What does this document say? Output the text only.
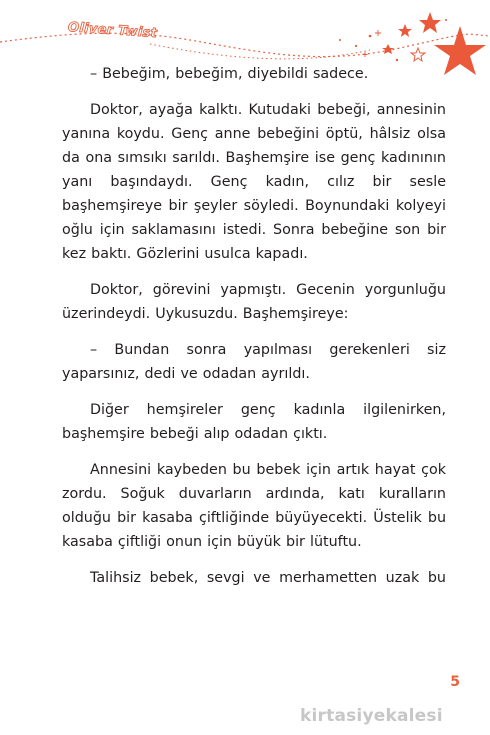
Oliver Twist

– Bebeğim, bebeğim, diyebildi sadece.

Doktor, ayağa kalktı. Kutudaki bebeği, annesinin yanına koydu. Genç anne bebeğini öptü, hâlsiz olsa da ona sımsıkı sarıldı. Başhemşire ise genç kadınının yanı başındaydı. Genç kadın, cılız bir sesle başhemşireye bir şeyler söyledi. Boynundaki kolyeyi oğlu için saklamasını istedi. Sonra bebeğine son bir kez baktı. Gözlerini usulca kapadı.

Doktor, görevini yapmıştı. Gecenin yorgunluğu üzerindeydi. Uykusuzdu. Başhemşireye:

– Bundan sonra yapılması gerekenleri siz yaparsınız, dedi ve odadan ayrıldı.

Diğer hemşireler genç kadınla ilgilenirken, başhemşire bebeği alıp odadan çıktı.

Annesini kaybeden bu bebek için artık hayat çok zordu. Soğuk duvarların ardında, katı kuralların olduğu bir kasaba çiftliğinde büyüyecekti. Üstelik bu kasaba çiftliği onun için büyük bir lütuftu.

Talihsiz bebek, sevgi ve merhametten uzak bu

5
kirtasiyekalesi
